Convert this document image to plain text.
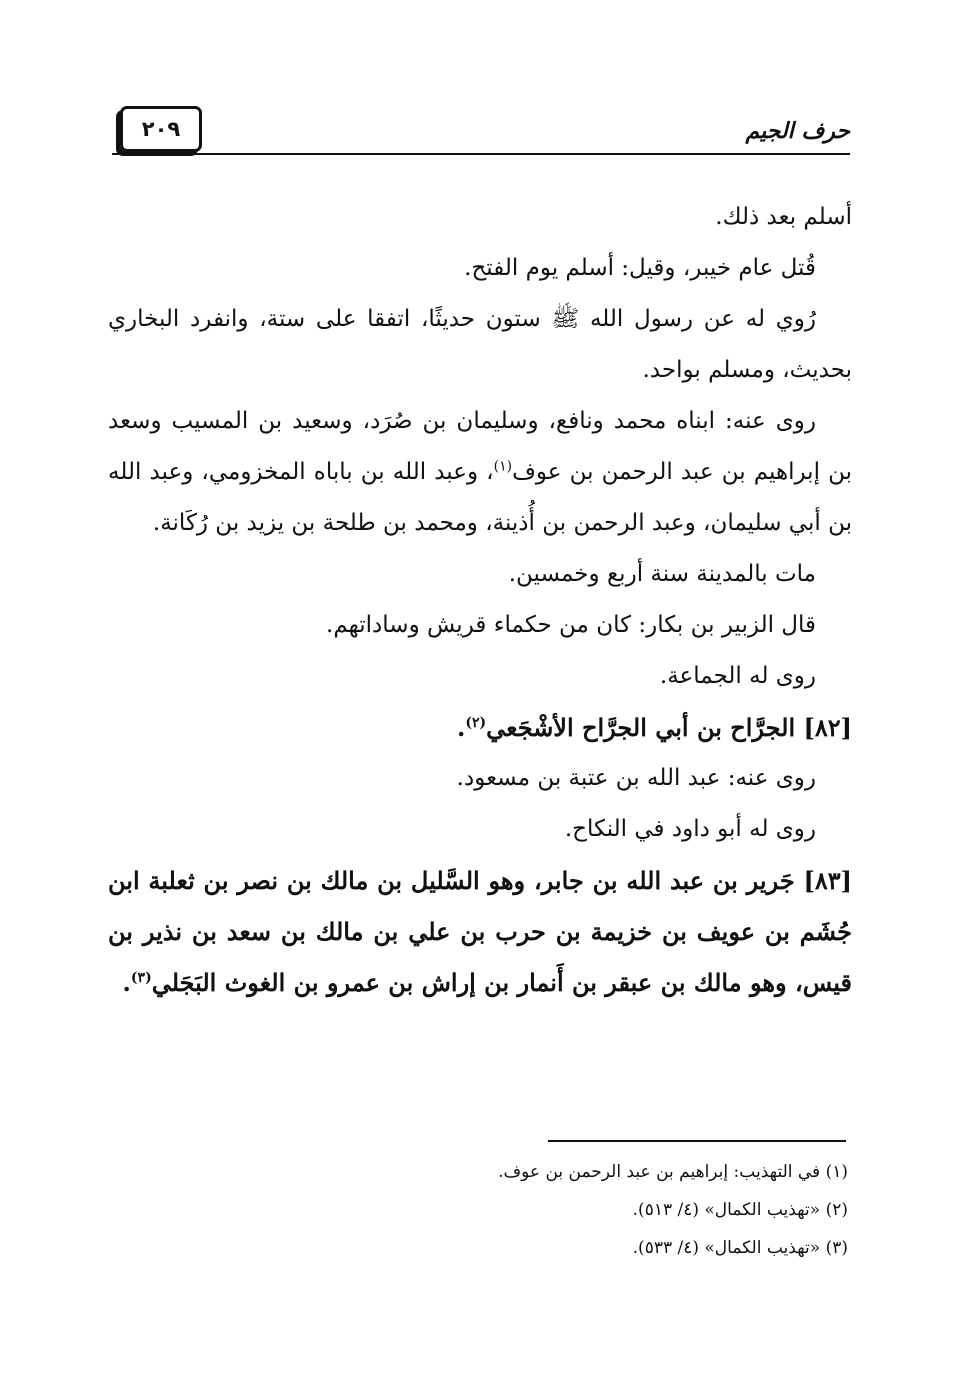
٢٠٩	حرف الجيم

أسلم بعد ذلك.

قُتل عام خيبر، وقيل: أسلم يوم الفتح.

رُوي له عن رسول الله ﷺ ستون حديثًا، اتفقا على ستة، وانفرد البخاري بحديث، ومسلم بواحد.

روى عنه: ابناه محمد ونافع، وسليمان بن صُرَد، وسعيد بن المسيب وسعد بن إبراهيم بن عبد الرحمن بن عوف$^{(١)}$، وعبد الله بن باباه المخزومي، وعبد الله بن أبي سليمان، وعبد الرحمن بن أُذينة، ومحمد بن طلحة بن يزيد بن رُكَانة.

مات بالمدينة سنة أربع وخمسين.

قال الزبير بن بكار: كان من حكماء قريش وساداتهم.

روى له الجماعة.

[٨٢] الجرَّاح بن أبي الجرَّاح الأشْجَعي$^{(٢)}$.

روى عنه: عبد الله بن عتبة بن مسعود.

روى له أبو داود في النكاح.

[٨٣] جَرير بن عبد الله بن جابر، وهو السَّليل بن مالك بن نصر بن ثعلبة ابن جُشَم بن عويف بن خزيمة بن حرب بن علي بن مالك بن سعد بن نذير بن قيس، وهو مالك بن عبقر بن أَنمار بن إراش بن عمرو بن الغوث البَجَلي$^{(٣)}$.

(١) في التهذيب: إبراهيم بن عبد الرحمن بن عوف.

(٢) «تهذيب الكمال» (٤/ ٥١٣).

(٣) «تهذيب الكمال» (٤/ ٥٣٣).
